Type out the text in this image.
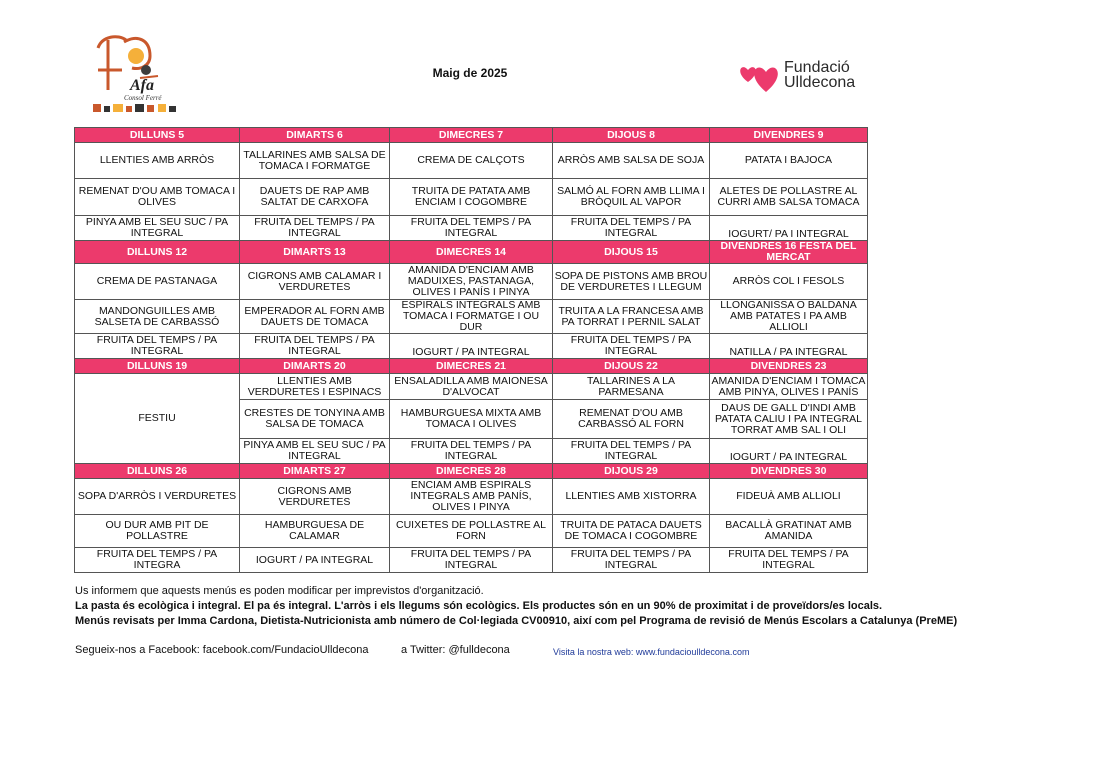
Afa
Consol Ferré
Maig de 2025	Fundació
Ulldecona
DILLUNS 5	DIMARTS 6	DIMECRES 7	DIJOUS 8	DIVENDRES 9
LLENTIES AMB ARRÒS	TALLARINES AMB SALSA DE TOMACA I FORMATGE	CREMA DE CALÇOTS	ARRÒS AMB SALSA DE SOJA	PATATA I BAJOCA
REMENAT D'OU AMB TOMACA I OLIVES	DAUETS DE RAP AMB SALTAT DE CARXOFA	TRUITA DE PATATA AMB ENCIAM I COGOMBRE	SALMÓ AL FORN AMB LLIMA I BRÒQUIL AL VAPOR	ALETES DE POLLASTRE AL CURRI AMB SALSA TOMACA
PINYA AMB EL SEU SUC / PA INTEGRAL	FRUITA DEL TEMPS / PA INTEGRAL	FRUITA DEL TEMPS / PA INTEGRAL	FRUITA DEL TEMPS / PA INTEGRAL	IOGURT/ PA I INTEGRAL
DILLUNS 12	DIMARTS 13	DIMECRES 14	DIJOUS 15	DIVENDRES 16 FESTA DEL MERCAT
CREMA DE PASTANAGA	CIGRONS AMB CALAMAR I VERDURETES	AMANIDA D'ENCIAM AMB MADUIXES, PASTANAGA, OLIVES I PANÍS I PINYA	SOPA DE PISTONS AMB BROU DE VERDURETES I LLEGUM	ARRÒS COL I FESOLS
MANDONGUILLES AMB SALSETA DE CARBASSÓ	EMPERADOR AL FORN AMB DAUETS DE TOMACA	ESPIRALS INTEGRALS AMB TOMACA I FORMATGE I OU DUR	TRUITA A LA FRANCESA AMB PA TORRAT I PERNIL SALAT	LLONGANISSA O BALDANA AMB PATATES I PA AMB ALLIOLI
FRUITA DEL TEMPS / PA INTEGRAL	FRUITA DEL TEMPS / PA INTEGRAL	IOGURT / PA INTEGRAL	FRUITA DEL TEMPS / PA INTEGRAL	NATILLA / PA INTEGRAL
DILLUNS 19	DIMARTS 20	DIMECRES 21	DIJOUS 22	DIVENDRES 23
FESTIU	LLENTIES AMB VERDURETES I ESPINACS	ENSALADILLA AMB MAIONESA D'ALVOCAT	TALLARINES A LA PARMESANA	AMANIDA D'ENCIAM I TOMACA AMB PINYA, OLIVES I PANÍS
	CRESTES DE TONYINA AMB SALSA DE TOMACA	HAMBURGUESA MIXTA AMB TOMACA I OLIVES	REMENAT D'OU AMB CARBASSÓ AL FORN	DAUS DE GALL D'INDI AMB PATATA CALIU I PA INTEGRAL TORRAT AMB SAL I OLI
	PINYA AMB EL SEU SUC / PA INTEGRAL	FRUITA DEL TEMPS / PA INTEGRAL	FRUITA DEL TEMPS / PA INTEGRAL	IOGURT / PA INTEGRAL
DILLUNS 26	DIMARTS 27	DIMECRES 28	DIJOUS 29	DIVENDRES 30
SOPA D'ARRÒS I VERDURETES	CIGRONS AMB VERDURETES	ENCIAM AMB ESPIRALS INTEGRALS AMB PANÍS, OLIVES I PINYA	LLENTIES AMB XISTORRA	FIDEUÀ AMB ALLIOLI
OU DUR AMB PIT DE POLLASTRE	HAMBURGUESA DE CALAMAR	CUIXETES DE POLLASTRE AL FORN	TRUITA DE PATACA DAUETS DE TOMACA I COGOMBRE	BACALLÀ GRATINAT AMB AMANIDA
FRUITA DEL TEMPS / PA INTEGRA	IOGURT / PA INTEGRAL	FRUITA DEL TEMPS / PA INTEGRAL	FRUITA DEL TEMPS / PA INTEGRAL	FRUITA DEL TEMPS / PA INTEGRAL
Us informem que aquests menús es poden modificar per imprevistos d'organització.
La pasta és ecològica i integral. El pa és integral. L'arròs i els llegums són ecològics. Els productes són en un 90% de proximitat i de proveïdors/es locals.
Menús revisats per Imma Cardona, Dietista-Nutricionista amb número de Col·legiada CV00910, així com pel Programa de revisió de Menús Escolars a Catalunya (PreME)
Segueix-nos a Facebook: facebook.com/FundacioUlldecona	a Twitter: @fulldecona	Visita la nostra web: www.fundacioulldecona.com
